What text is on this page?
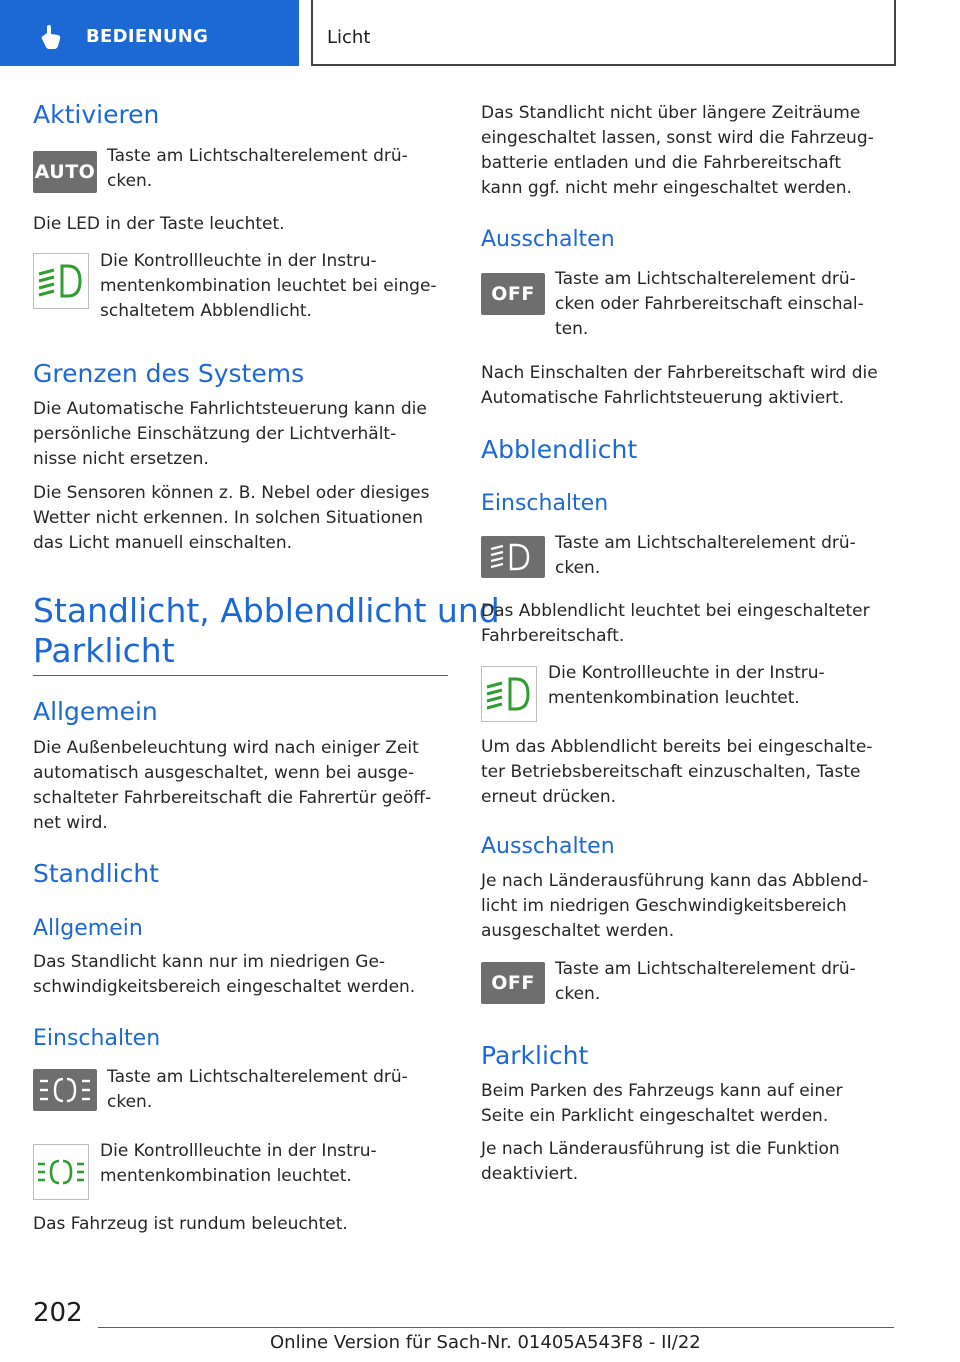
BEDIENUNG	Licht
Aktivieren
AUTO
Taste am Lichtschalterelement drü-
cken.
Die LED in der Taste leuchtet.
Die Kontrollleuchte in der Instru-
mentenkombination leuchtet bei einge-
schaltetem Abblendlicht.
Grenzen des Systems
Die Automatische Fahrlichtsteuerung kann die
persönliche Einschätzung der Lichtverhält-
nisse nicht ersetzen.
Die Sensoren können z. B. Nebel oder diesiges
Wetter nicht erkennen. In solchen Situationen
das Licht manuell einschalten.
Standlicht, Abblendlicht und
Parklicht
Allgemein
Die Außenbeleuchtung wird nach einiger Zeit
automatisch ausgeschaltet, wenn bei ausge-
schalteter Fahrbereitschaft die Fahrertür geöff-
net wird.
Standlicht
Allgemein
Das Standlicht kann nur im niedrigen Ge-
schwindigkeitsbereich eingeschaltet werden.
Einschalten
Taste am Lichtschalterelement drü-
cken.
Die Kontrollleuchte in der Instru-
mentenkombination leuchtet.
Das Fahrzeug ist rundum beleuchtet.
Das Standlicht nicht über längere Zeiträume
eingeschaltet lassen, sonst wird die Fahrzeug-
batterie entladen und die Fahrbereitschaft
kann ggf. nicht mehr eingeschaltet werden.
Ausschalten
OFF
Taste am Lichtschalterelement drü-
cken oder Fahrbereitschaft einschal-
ten.
Nach Einschalten der Fahrbereitschaft wird die
Automatische Fahrlichtsteuerung aktiviert.
Abblendlicht
Einschalten
Taste am Lichtschalterelement drü-
cken.
Das Abblendlicht leuchtet bei eingeschalteter
Fahrbereitschaft.
Die Kontrollleuchte in der Instru-
mentenkombination leuchtet.
Um das Abblendlicht bereits bei eingeschalte-
ter Betriebsbereitschaft einzuschalten, Taste
erneut drücken.
Ausschalten
Je nach Länderausführung kann das Abblend-
licht im niedrigen Geschwindigkeitsbereich
ausgeschaltet werden.
OFF
Taste am Lichtschalterelement drü-
cken.
Parklicht
Beim Parken des Fahrzeugs kann auf einer
Seite ein Parklicht eingeschaltet werden.
Je nach Länderausführung ist die Funktion
deaktiviert.
202
Online Version für Sach-Nr. 01405A543F8 - II/22
